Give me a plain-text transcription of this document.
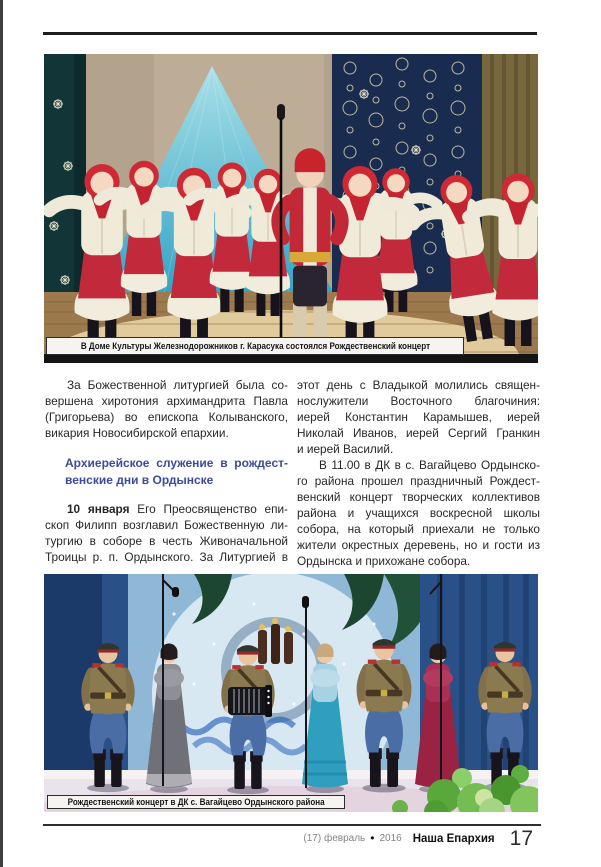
В Доме Культуры Железнодорожников г. Карасука состоялся Рождественский концерт
За Божественной литургией была со-
вершена хиротония архимандрита Павла
(Григорьева) во епископа Колыванского,
викария Новосибирской епархии.
Архиерейское служение в рождест-
венские дни в Ордынске
10 января Его Преосвященство епи-
скоп Филипп возглавил Божественную ли-
тургию в соборе в честь Живоначальной
Троицы р. п. Ордынского. За Литургией в
этот день с Владыкой молились священ-
нослужители Восточного благочиния:
иерей Константин Карамышев, иерей
Николай Иванов, иерей Сергий Гранкин
и иерей Василий.
В 11.00 в ДК в с. Вагайцево Ордынско-
го района прошел праздничный Рождест-
венский концерт творческих коллективов
района и учащихся воскресной школы
собора, на который приехали не только
жители окрестных деревень, но и гости из
Ордынска и прихожане собора.
Рождественский концерт в ДК с. Вагайцево Ордынского района
(17) февраль • 2016 Наша Епархия 17
